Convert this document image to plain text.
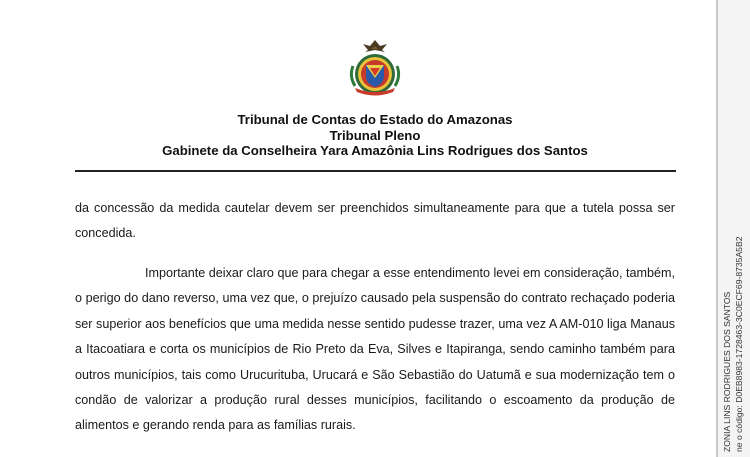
Tribunal de Contas do Estado do Amazonas
Tribunal Pleno
Gabinete da Conselheira Yara Amazônia Lins Rodrigues dos Santos

da concessão da medida cautelar devem ser preenchidos simultaneamente para que a tutela possa ser concedida.

Importante deixar claro que para chegar a esse entendimento levei em consideração, também, o perigo do dano reverso, uma vez que, o prejuízo causado pela suspensão do contrato rechaçado poderia ser superior aos benefícios que uma medida nesse sentido pudesse trazer, uma vez A AM-010 liga Manaus a Itacoatiara e corta os municípios de Rio Preto da Eva, Silves e Itapiranga, sendo caminho também para outros municípios, tais como Urucurituba, Urucará e São Sebastião do Uatumã e sua modernização tem o condão de valorizar a produção rural desses municípios, facilitando o escoamento da produção de alimentos e gerando renda para as famílias rurais.	ZONIA LINS RODRIGUES DOS SANTOS ne o código: D0EB8983-1728463-3C0ECF69-8735A5B2
